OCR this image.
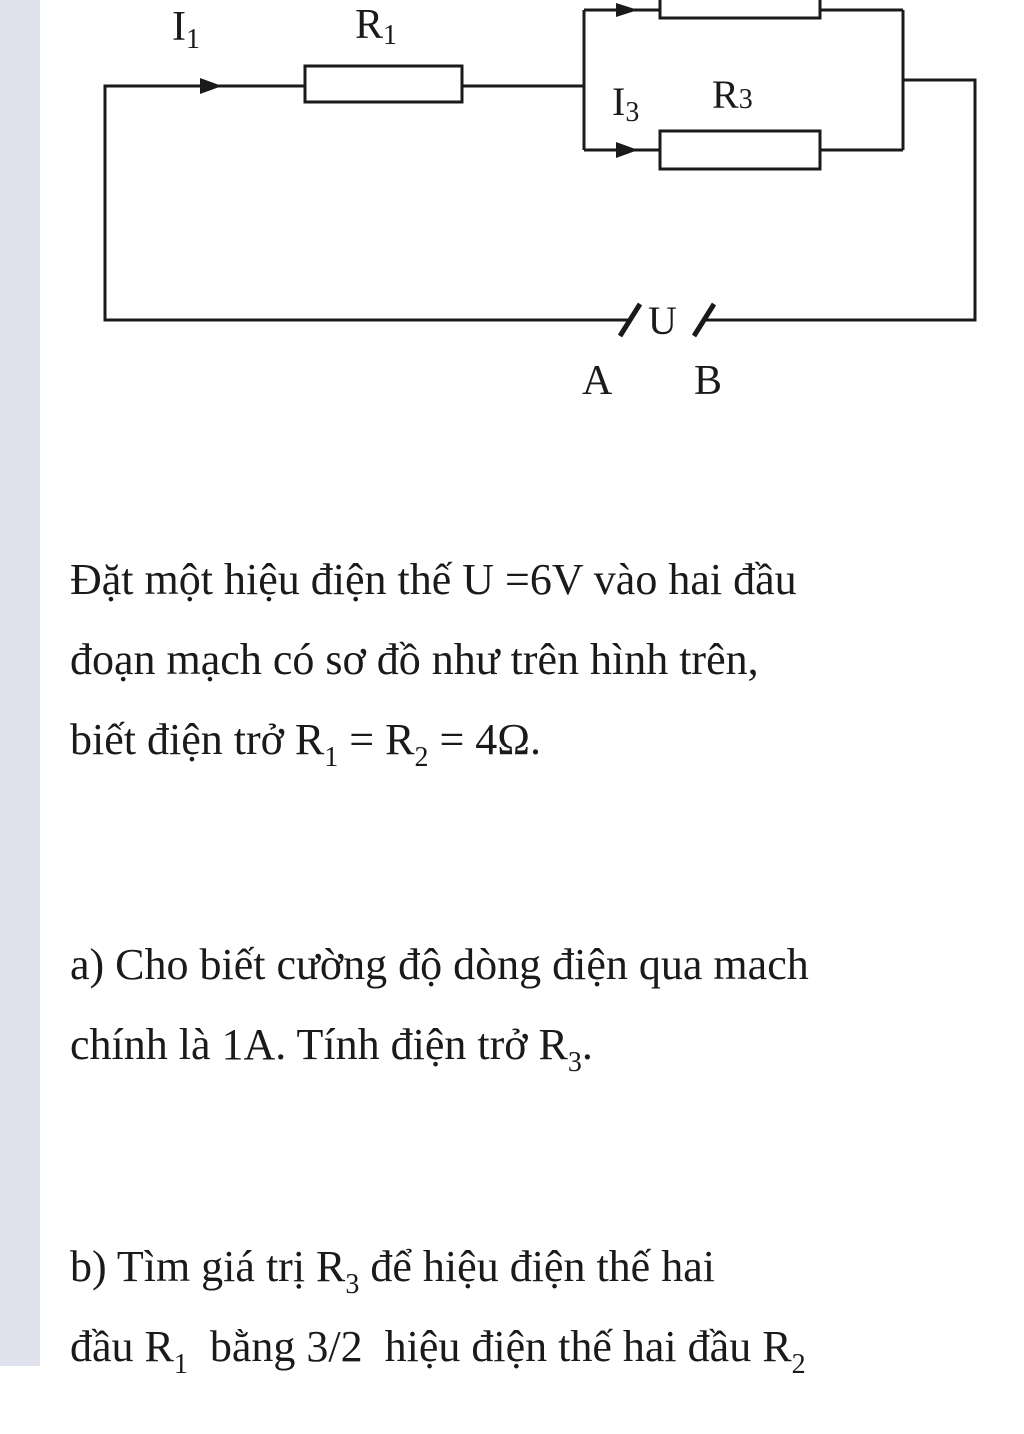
I1	R1
I3 R3
U
A B
Đặt một hiệu điện thế U =6V vào hai đầu
đoạn mạch có sơ đồ như trên hình trên,
biết điện trở $R_1 = R_2 = 4\Omega$.
a) Cho biết cường độ dòng điện qua mach
chính là 1A. Tính điện trở $R_3$.
b) Tìm giá trị $R_3$ để hiệu điện thế hai
đầu $R_1$  bằng 3/2  hiệu điện thế hai đầu $R_2$
